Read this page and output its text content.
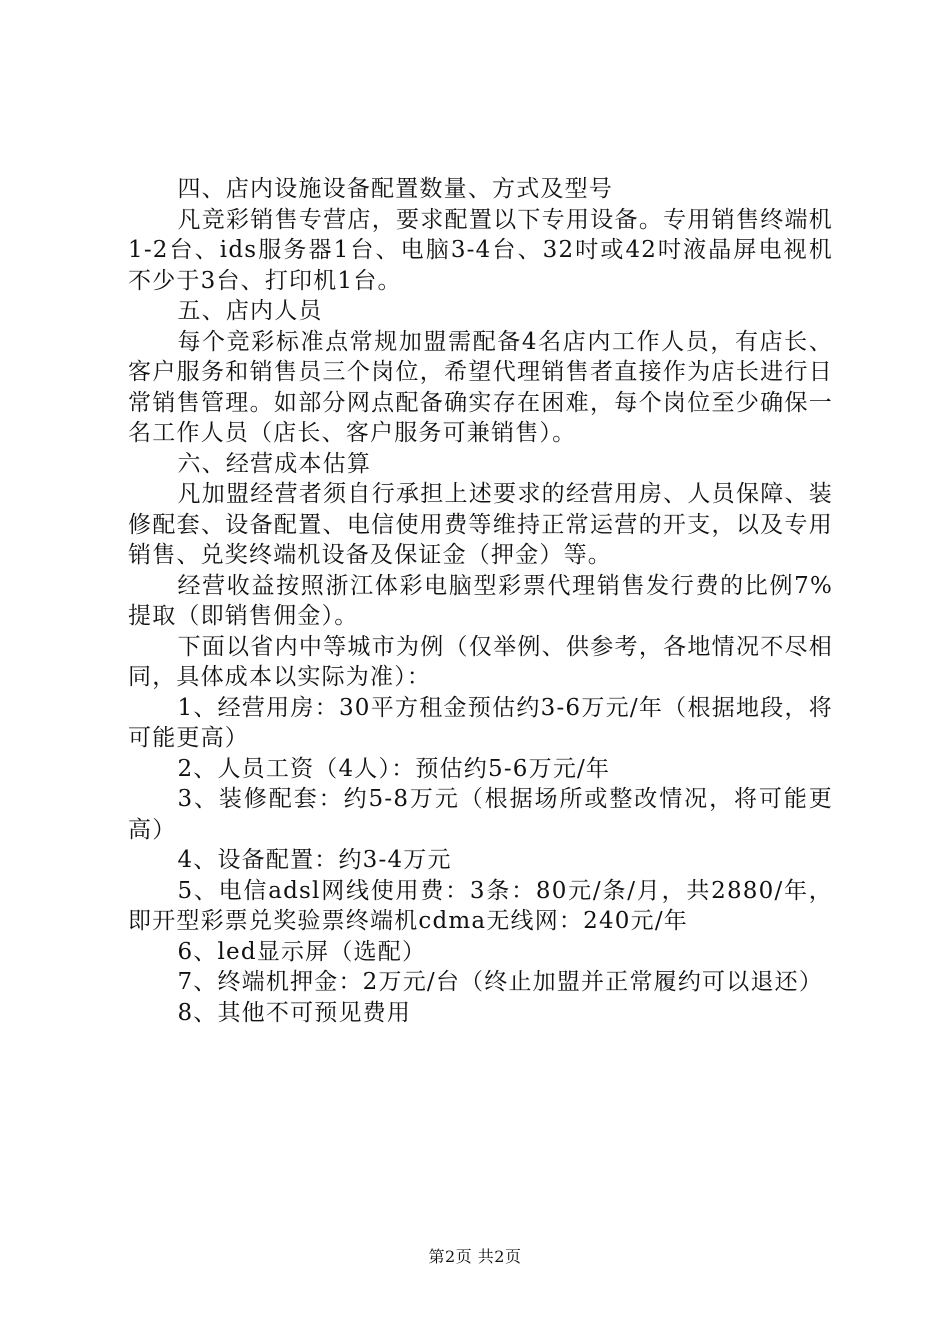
四、店内设施设备配置数量、方式及型号

凡竞彩销售专营店，要求配置以下专用设备。专用销售终端机1-2台、ids服务器1台、电脑3-4台、32吋或42吋液晶屏电视机不少于3台、打印机1台。

五、店内人员

每个竞彩标准点常规加盟需配备4名店内工作人员，有店长、客户服务和销售员三个岗位，希望代理销售者直接作为店长进行日常销售管理。如部分网点配备确实存在困难，每个岗位至少确保一名工作人员（店长、客户服务可兼销售）。

六、经营成本估算

凡加盟经营者须自行承担上述要求的经营用房、人员保障、装修配套、设备配置、电信使用费等维持正常运营的开支，以及专用销售、兑奖终端机设备及保证金（押金）等。

经营收益按照浙江体彩电脑型彩票代理销售发行费的比例7%提取（即销售佣金）。

下面以省内中等城市为例（仅举例、供参考，各地情况不尽相同，具体成本以实际为准）：

1、经营用房：30平方租金预估约3-6万元/年（根据地段，将可能更高）

2、人员工资（4人）：预估约5-6万元/年

3、装修配套：约5-8万元（根据场所或整改情况，将可能更高）

4、设备配置：约3-4万元

5、电信adsl网线使用费：3条：80元/条/月，共2880/年，即开型彩票兑奖验票终端机cdma无线网：240元/年

6、led显示屏（选配）

7、终端机押金：2万元/台（终止加盟并正常履约可以退还）

8、其他不可预见费用

第2页 共2页
